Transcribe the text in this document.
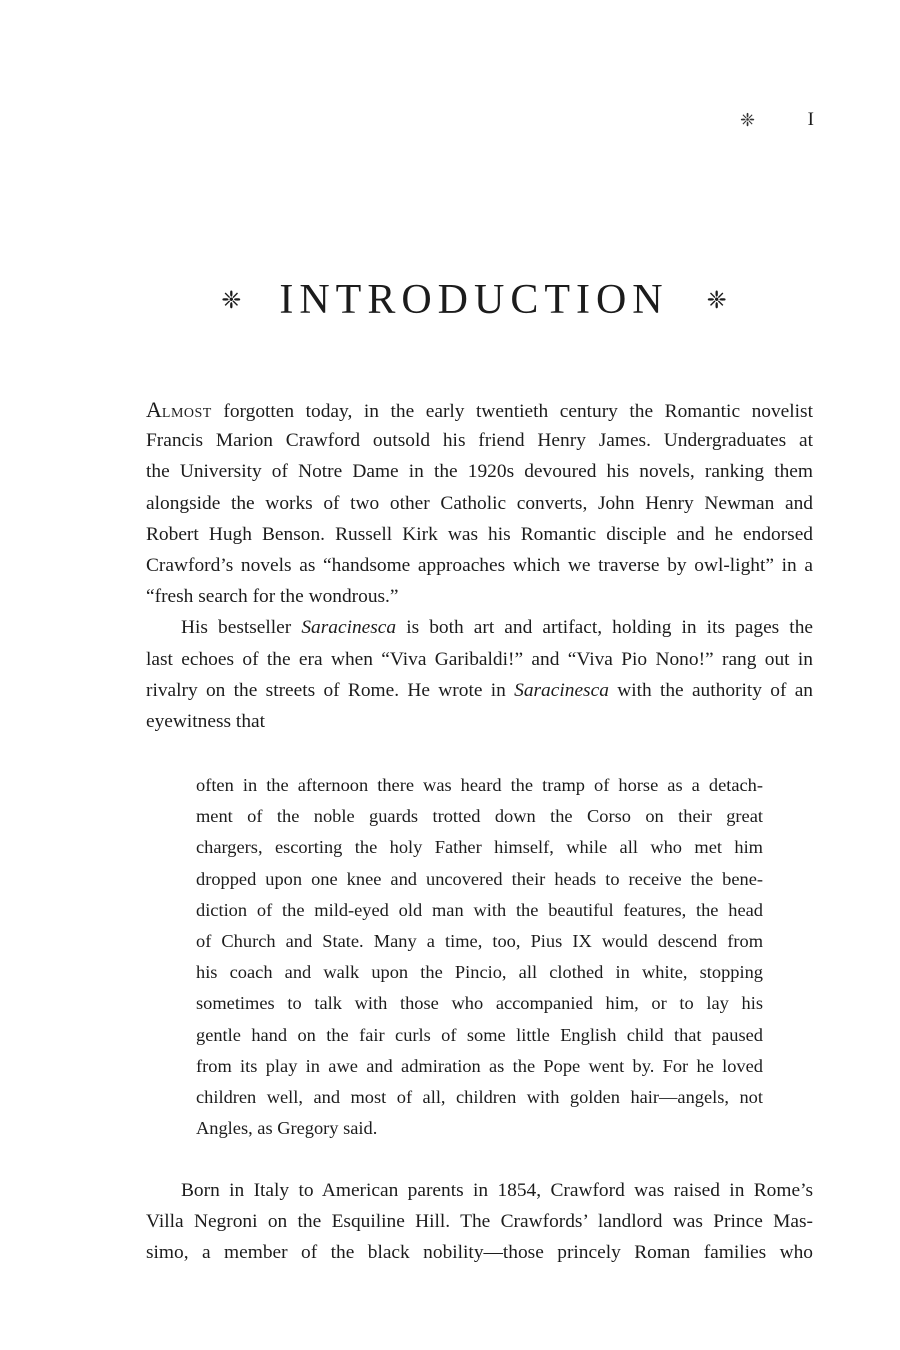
❈	I
❈ INTRODUCTION ❈
Almost forgotten today, in the early twentieth century the Romantic novelist
Francis Marion Crawford outsold his friend Henry James. Undergraduates at
the University of Notre Dame in the 1920s devoured his novels, ranking them
alongside the works of two other Catholic converts, John Henry Newman and
Robert Hugh Benson. Russell Kirk was his Romantic disciple and he endorsed
Crawford’s novels as “handsome approaches which we traverse by owl-light” in a
“fresh search for the wondrous.”
His bestseller Saracinesca is both art and artifact, holding in its pages the
last echoes of the era when “Viva Garibaldi!” and “Viva Pio Nono!” rang out in
rivalry on the streets of Rome. He wrote in Saracinesca with the authority of an
eyewitness that
often in the afternoon there was heard the tramp of horse as a detach-
ment of the noble guards trotted down the Corso on their great
chargers, escorting the holy Father himself, while all who met him
dropped upon one knee and uncovered their heads to receive the bene-
diction of the mild-eyed old man with the beautiful features, the head
of Church and State. Many a time, too, Pius IX would descend from
his coach and walk upon the Pincio, all clothed in white, stopping
sometimes to talk with those who accompanied him, or to lay his
gentle hand on the fair curls of some little English child that paused
from its play in awe and admiration as the Pope went by. For he loved
children well, and most of all, children with golden hair—angels, not
Angles, as Gregory said.
Born in Italy to American parents in 1854, Crawford was raised in Rome’s
Villa Negroni on the Esquiline Hill. The Crawfords’ landlord was Prince Mas-
simo, a member of the black nobility—those princely Roman families who
